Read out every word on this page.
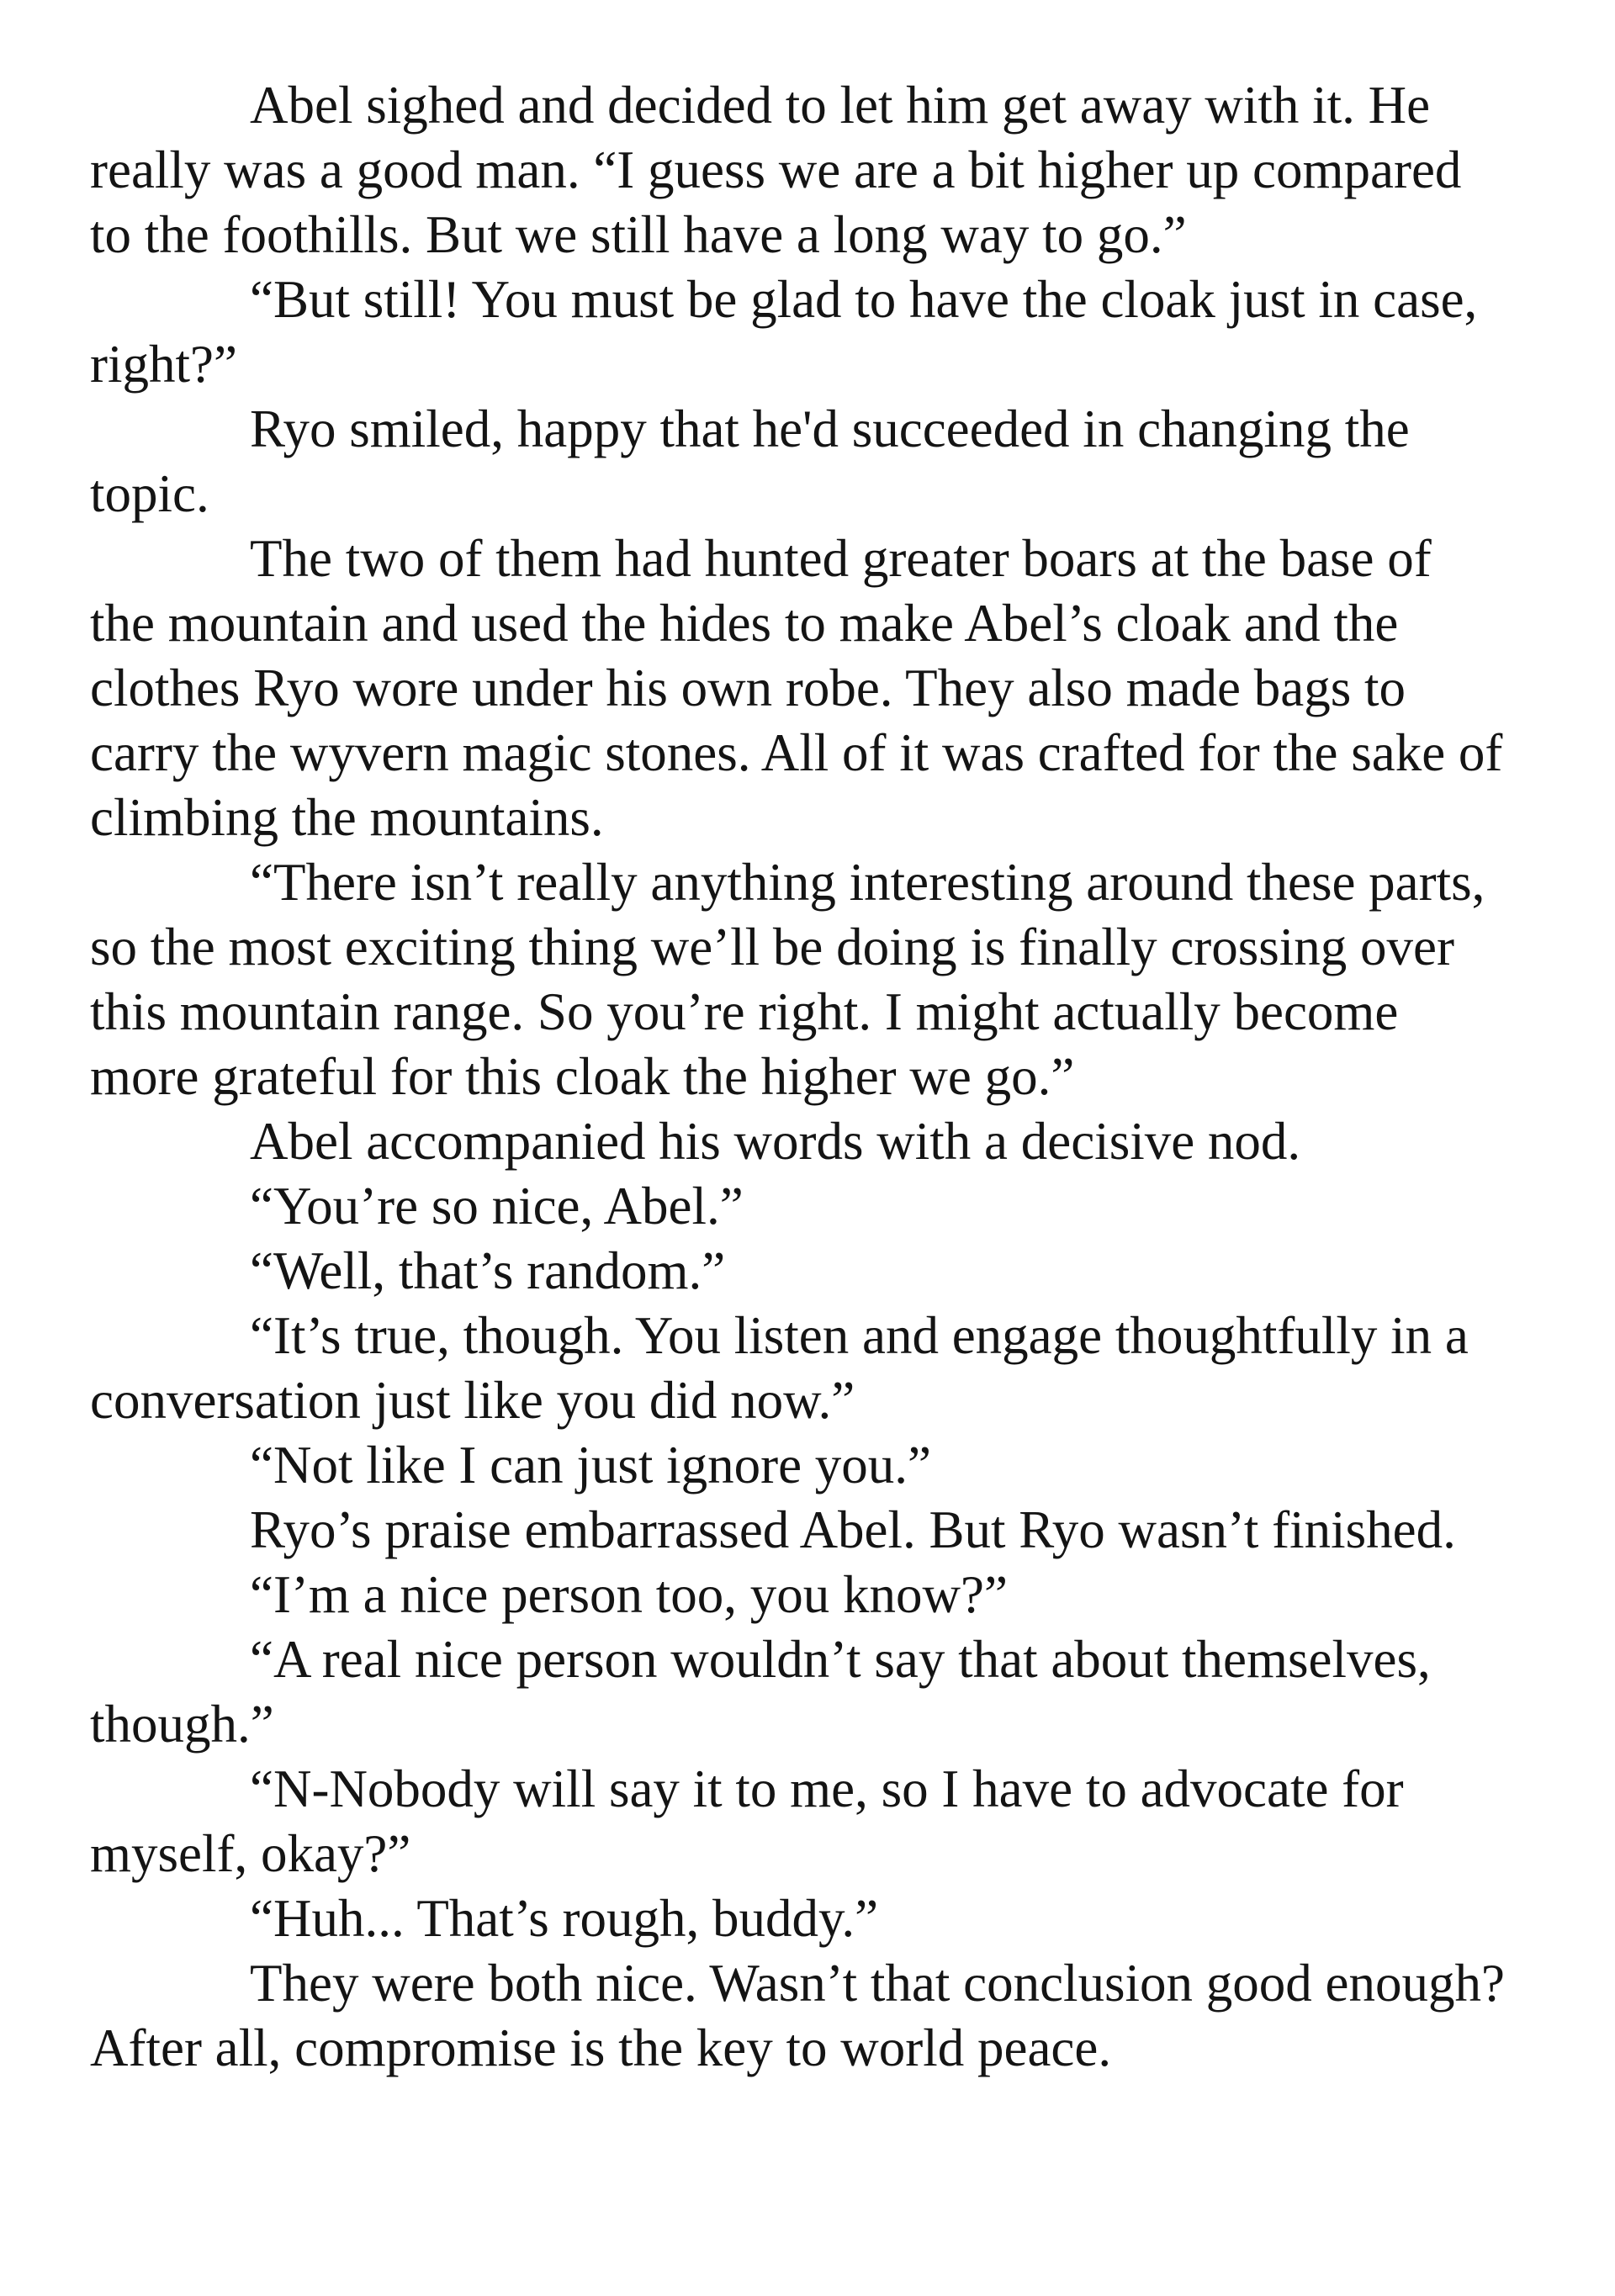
Abel sighed and decided to let him get away with it. He
really was a good man. “I guess we are a bit higher up compared
to the foothills. But we still have a long way to go.”
“But still! You must be glad to have the cloak just in case,
right?”
Ryo smiled, happy that he'd succeeded in changing the
topic.
The two of them had hunted greater boars at the base of
the mountain and used the hides to make Abel’s cloak and the
clothes Ryo wore under his own robe. They also made bags to
carry the wyvern magic stones. All of it was crafted for the sake of
climbing the mountains.
“There isn’t really anything interesting around these parts,
so the most exciting thing we’ll be doing is finally crossing over
this mountain range. So you’re right. I might actually become
more grateful for this cloak the higher we go.”
Abel accompanied his words with a decisive nod.
“You’re so nice, Abel.”
“Well, that’s random.”
“It’s true, though. You listen and engage thoughtfully in a
conversation just like you did now.”
“Not like I can just ignore you.”
Ryo’s praise embarrassed Abel. But Ryo wasn’t finished.
“I’m a nice person too, you know?”
“A real nice person wouldn’t say that about themselves,
though.”
“N-Nobody will say it to me, so I have to advocate for
myself, okay?”
“Huh... That’s rough, buddy.”
They were both nice. Wasn’t that conclusion good enough?
After all, compromise is the key to world peace.
